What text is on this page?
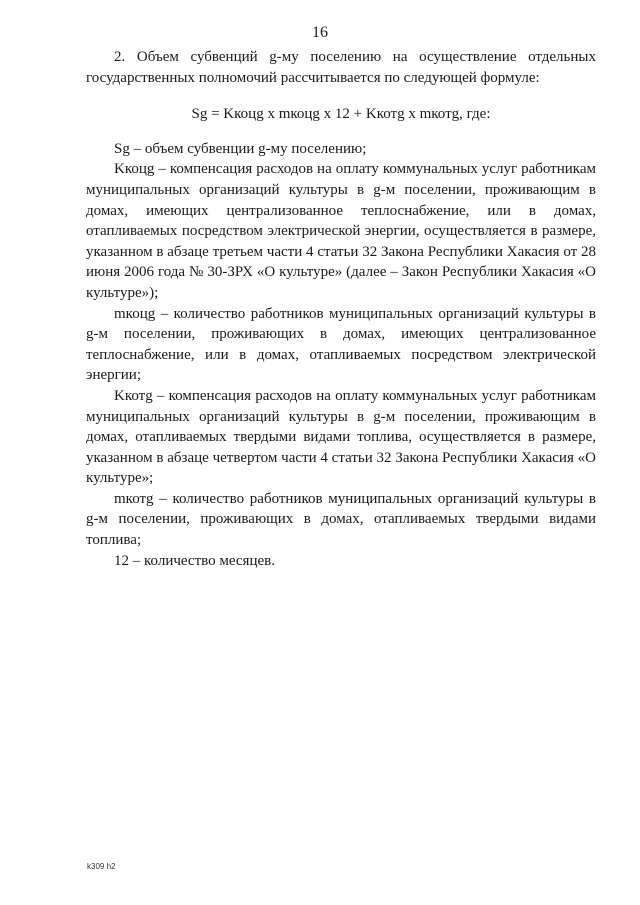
16

2. Объем субвенций g-му поселению на осуществление отдельных государственных полномочий рассчитывается по следующей формуле:

Sg = Kкоцg x mкоцg x 12 + Kкотg x mкотg, где:

Sg – объем субвенции g-му поселению;

Kкоцg – компенсация расходов на оплату коммунальных услуг работникам муниципальных организаций культуры в g-м поселении, проживающим в домах, имеющих централизованное теплоснабжение, или в домах, отапливаемых посредством электрической энергии, осуществляется в размере, указанном в абзаце третьем части 4 статьи 32 Закона Республики Хакасия от 28 июня 2006 года № 30-ЗРХ «О культуре» (далее – Закон Республики Хакасия «О культуре»);

mкоцg – количество работников муниципальных организаций культуры в g-м поселении, проживающих в домах, имеющих централизованное теплоснабжение, или в домах, отапливаемых посредством электрической энергии;

Kкотg – компенсация расходов на оплату коммунальных услуг работникам муниципальных организаций культуры в g-м поселении, проживающим в домах, отапливаемых твердыми видами топлива, осуществляется в размере, указанном в абзаце четвертом части 4 статьи 32 Закона Республики Хакасия «О культуре»;

mкотg – количество работников муниципальных организаций культуры в g-м поселении, проживающих в домах, отапливаемых твердыми видами топлива;

12 – количество месяцев.

k309 h2
